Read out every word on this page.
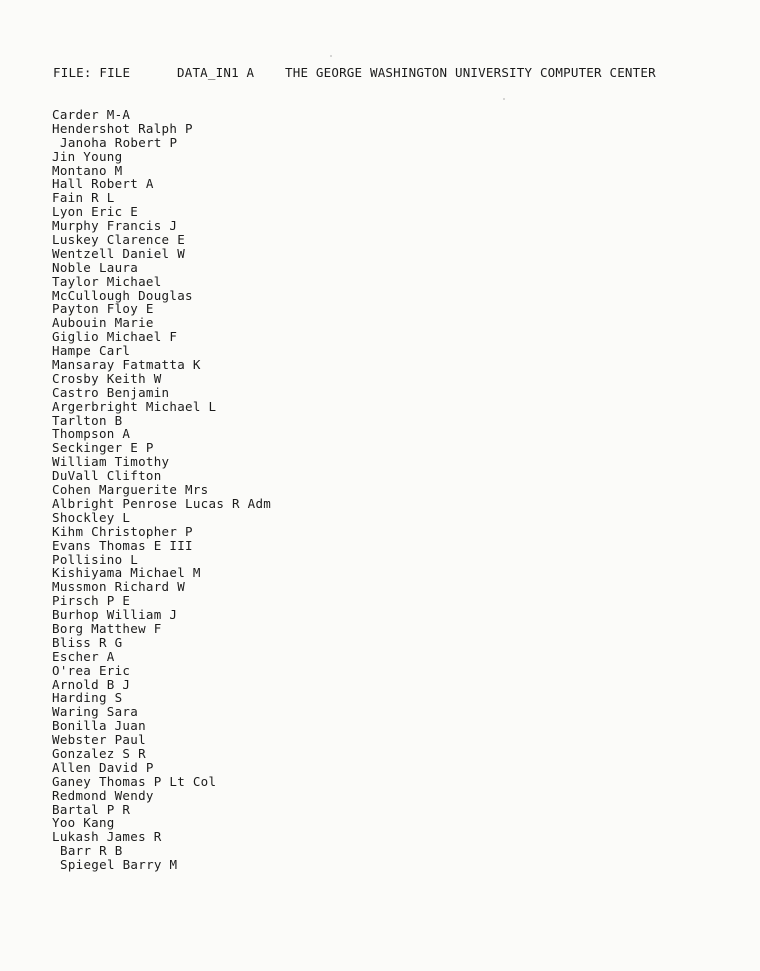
FILE: FILE	DATA_IN1 A THE GEORGE WASHINGTON UNIVERSITY COMPUTER CENTER
Carder M-A
Hendershot Ralph P
Janoha Robert P
Jin Young
Montano M
Hall Robert A
Fain R L
Lyon Eric E
Murphy Francis J
Luskey Clarence E
Wentzell Daniel W
Noble Laura
Taylor Michael
McCullough Douglas
Payton Floy E
Aubouin Marie
Giglio Michael F
Hampe Carl
Mansaray Fatmatta K
Crosby Keith W
Castro Benjamin
Argerbright Michael L
Tarlton B
Thompson A
Seckinger E P
William Timothy
DuVall Clifton
Cohen Marguerite Mrs
Albright Penrose Lucas R Adm
Shockley L
Kihm Christopher P
Evans Thomas E III
Pollisino L
Kishiyama Michael M
Mussmon Richard W
Pirsch P E
Burhop William J
Borg Matthew F
Bliss R G
Escher A
O'rea Eric
Arnold B J
Harding S
Waring Sara
Bonilla Juan
Webster Paul
Gonzalez S R
Allen David P
Ganey Thomas P Lt Col
Redmond Wendy
Bartal P R
Yoo Kang
Lukash James R
Barr R B
Spiegel Barry M
